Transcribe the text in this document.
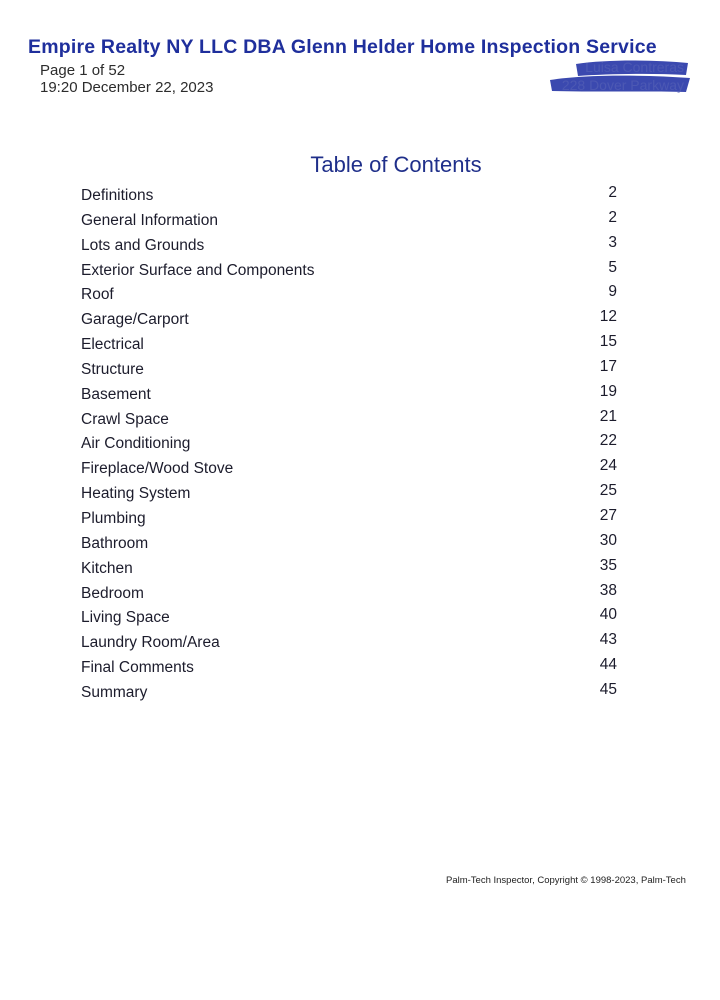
Empire Realty NY LLC DBA Glenn Helder Home Inspection Service
Page 1 of 52
19:20 December 22, 2023
Luisa Contreras
228 Dover Parkway
Table of Contents
Definitions	2
General Information	2
Lots and Grounds	3
Exterior Surface and Components	5
Roof	9
Garage/Carport	12
Electrical	15
Structure	17
Basement	19
Crawl Space	21
Air Conditioning	22
Fireplace/Wood Stove	24
Heating System	25
Plumbing	27
Bathroom	30
Kitchen	35
Bedroom	38
Living Space	40
Laundry Room/Area	43
Final Comments	44
Summary	45
Palm-Tech Inspector, Copyright © 1998-2023, Palm-Tech
